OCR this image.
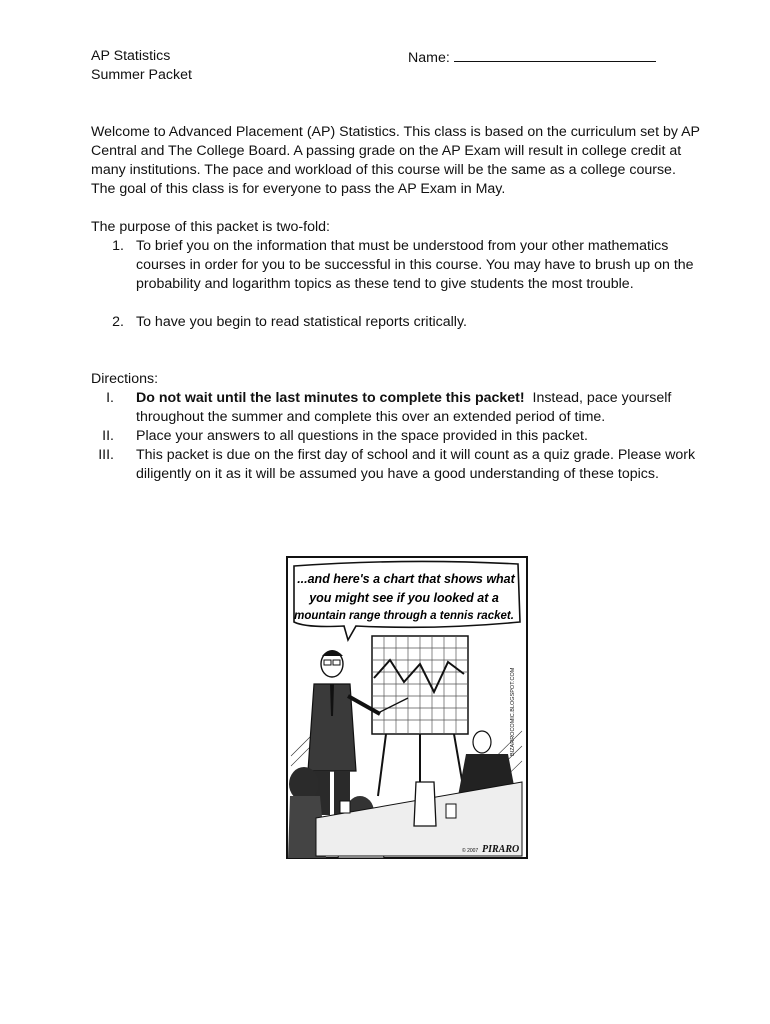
AP Statistics
Summer Packet
Name:
Welcome to Advanced Placement (AP) Statistics. This class is based on the curriculum set by AP
Central and The College Board. A passing grade on the AP Exam will result in college credit at
many institutions. The pace and workload of this course will be the same as a college course.
The goal of this class is for everyone to pass the AP Exam in May.
The purpose of this packet is two-fold:
1. To brief you on the information that must be understood from your other mathematics
courses in order for you to be successful in this course. You may have to brush up on the
probability and logarithm topics as these tend to give students the most trouble.
2. To have you begin to read statistical reports critically.
Directions:
I. Do not wait until the last minutes to complete this packet!  Instead, pace yourself
throughout the summer and complete this over an extended period of time.
II. Place your answers to all questions in the space provided in this packet.
III. This packet is due on the first day of school and it will count as a quiz grade. Please work
diligently on it as it will be assumed you have a good understanding of these topics.
...and here's a chart that shows what
you might see if you looked at a
mountain range through a tennis racket.
BIZARROCOMIC.BLOGSPOT.COM
© 2007 PIRARO
